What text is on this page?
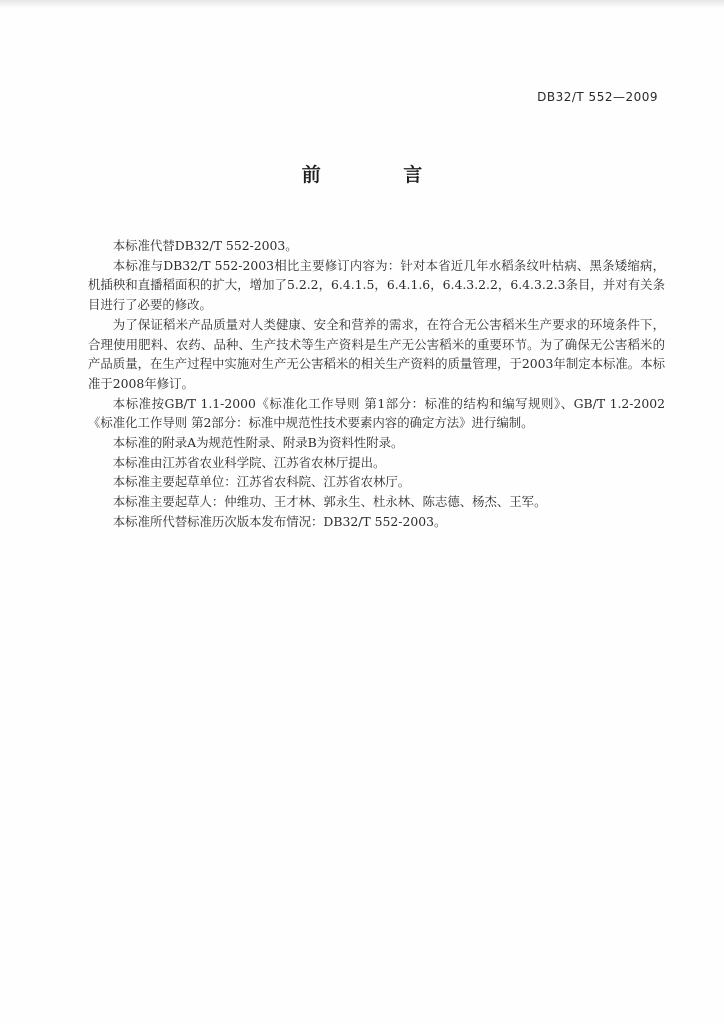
DB32/T 552—2009
前 言

本标准代替DB32/T 552-2003。

本标准与DB32/T 552-2003相比主要修订内容为：针对本省近几年水稻条纹叶枯病、黑条矮缩病，机插秧和直播稻面积的扩大，增加了5.2.2，6.4.1.5，6.4.1.6，6.4.3.2.2，6.4.3.2.3条目，并对有关条目进行了必要的修改。

为了保证稻米产品质量对人类健康、安全和营养的需求，在符合无公害稻米生产要求的环境条件下，合理使用肥料、农药、品种、生产技术等生产资料是生产无公害稻米的重要环节。为了确保无公害稻米的产品质量，在生产过程中实施对生产无公害稻米的相关生产资料的质量管理，于2003年制定本标准。本标准于2008年修订。

本标准按GB/T 1.1-2000《标准化工作导则 第1部分：标准的结构和编写规则》、GB/T 1.2-2002《标准化工作导则 第2部分：标准中规范性技术要素内容的确定方法》进行编制。

本标准的附录A为规范性附录、附录B为资料性附录。

本标准由江苏省农业科学院、江苏省农林厅提出。

本标准主要起草单位：江苏省农科院、江苏省农林厅。

本标准主要起草人：仲维功、王才林、郭永生、杜永林、陈志德、杨杰、王军。

本标准所代替标准历次版本发布情况：DB32/T 552-2003。
